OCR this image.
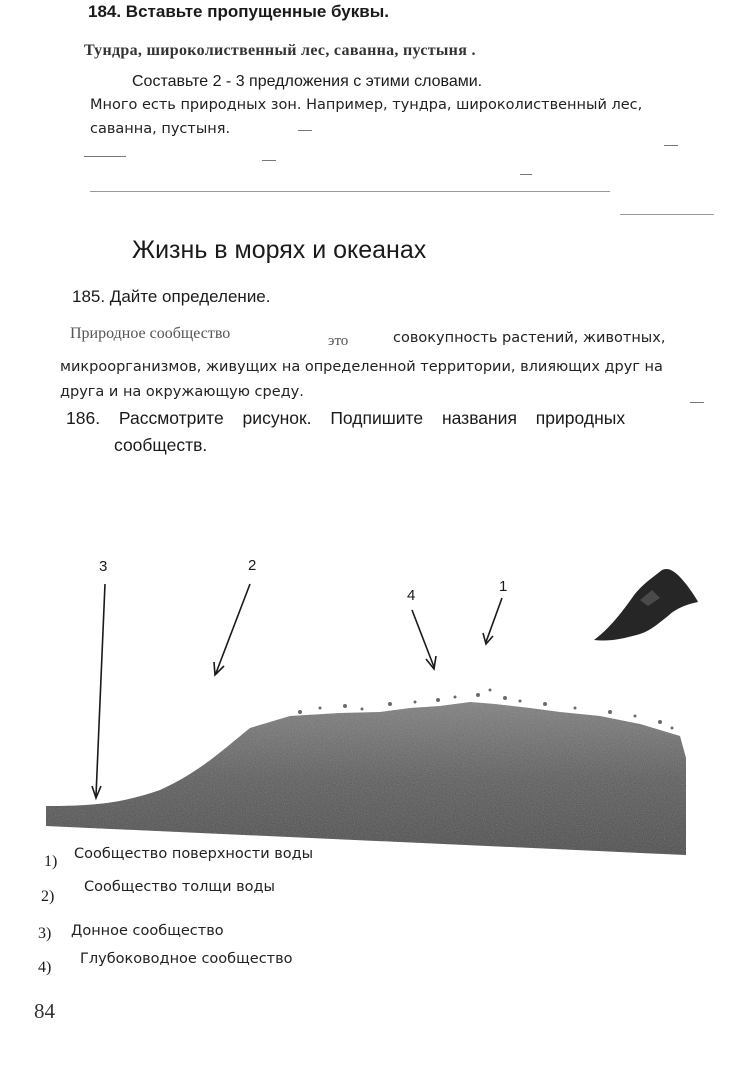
184. Вставьте пропущенные буквы.
Тундра, широколиственный лес, саванна, пустыня .
Составьте 2 - 3 предложения с этими словами.
Много есть природных зон. Например, тундра, широколиственный лес,
саванна, пустыня.
Жизнь в морях и океанах
185. Дайте определение.
Природное сообщество	это	совокупность растений, животных,
микроорганизмов, живущих на определенной территории, влияющих друг на
друга и на окружающую среду.
186. Рассмотрите рисунок. Подпишите названия природных
сообществ.
3	2
4
1
1) Сообщество поверхности воды
2)
Сообщество толщи воды
3) Донное сообщество
4) Глубоководное сообщество
84
